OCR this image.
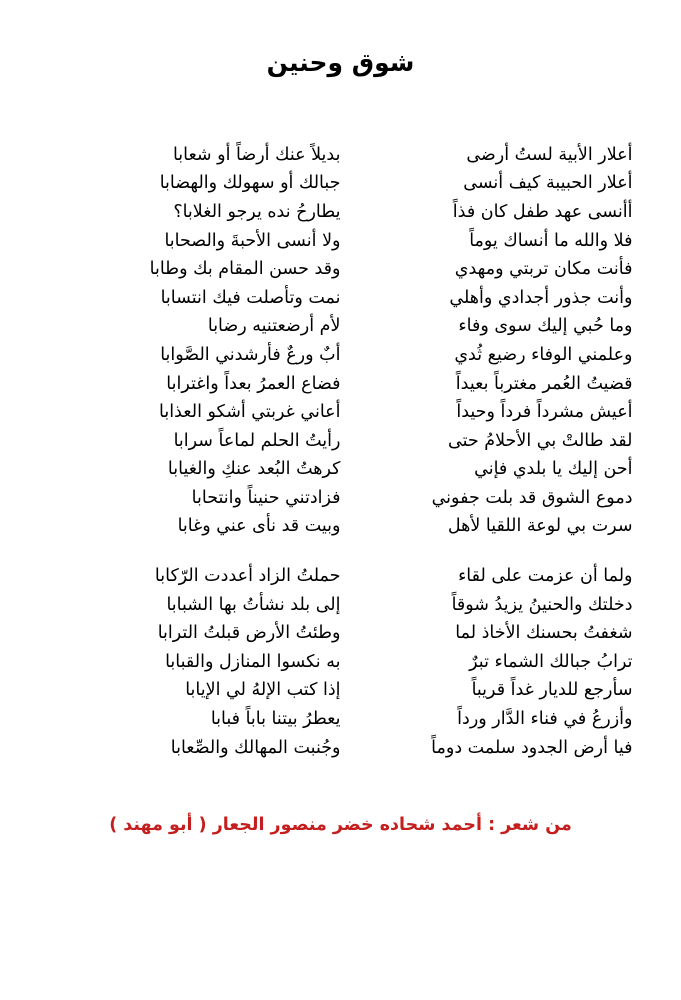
شوق وحنين
أعلار الأبية لستُ أرضى
بديلاً عنك أرضاً أو شعابا
أعلار الحبيبة كيف أنسى
جبالك أو سهولك والهضابا
أأنسى عهد طفل كان فذاً
يطارحُ نده يرجو الغلابا؟
فلا والله ما أنساك يوماً
ولا أنسى الأحبةَ والصحابا
فأنت مكان تربتي ومهدي
وقد حسن المقام بك وطابا
وأنت جذور أجدادي وأهلي
نمت وتأصلت فيك انتسابا
وما حُبي إليك سوى وفاء
لأم أرضعتنيه رضابا
وعلمني الوفاء رضيع ثُدي
أبٌ ورعٌ فأرشدني الصَّوابا
قضيتُ العُمر مغترباً بعيداً
فضاع العمرُ بعداً واغترابا
أعيش مشرداً فرداً وحيداً
أعاني غربتي أشكو العذابا
لقد طالتْ بي الأحلامُ حتى
رأيتُ الحلم لماعاً سرابا
أحن إليك يا بلدي فإني
كرهتُ البُعد عنكِ والغيابا
دموع الشوق قد بلت جفوني
فزادتني حنيناً وانتحابا
سرت بي لوعة اللقيا لأهل
وبيت قد نأى عني وغابا
ولما أن عزمت على لقاء
حملتُ الزاد أعددت الرّكابا
دخلتك والحنينُ يزيدُ شوقاً
إلى بلد نشأتُ بها الشبابا
شغفتُ بحسنك الأخاذ لما
وطئتُ الأرض قبلتُ الترابا
ترابُ جبالك الشماء تبرٌ
به نكسوا المنازل والقبابا
سأرجع للديار غداً قريباً
إذا كتب الإلهُ لي الإيابا
وأزرعُ في فناء الدَّار ورداً
يعطرُ بيتنا باباً فبابا
فيا أرض الجدود سلمت دوماً
وجُنبت المهالك والصِّعابا
من شعر : أحمد شحاده خضر منصور الجعار ( أبو مهند )
